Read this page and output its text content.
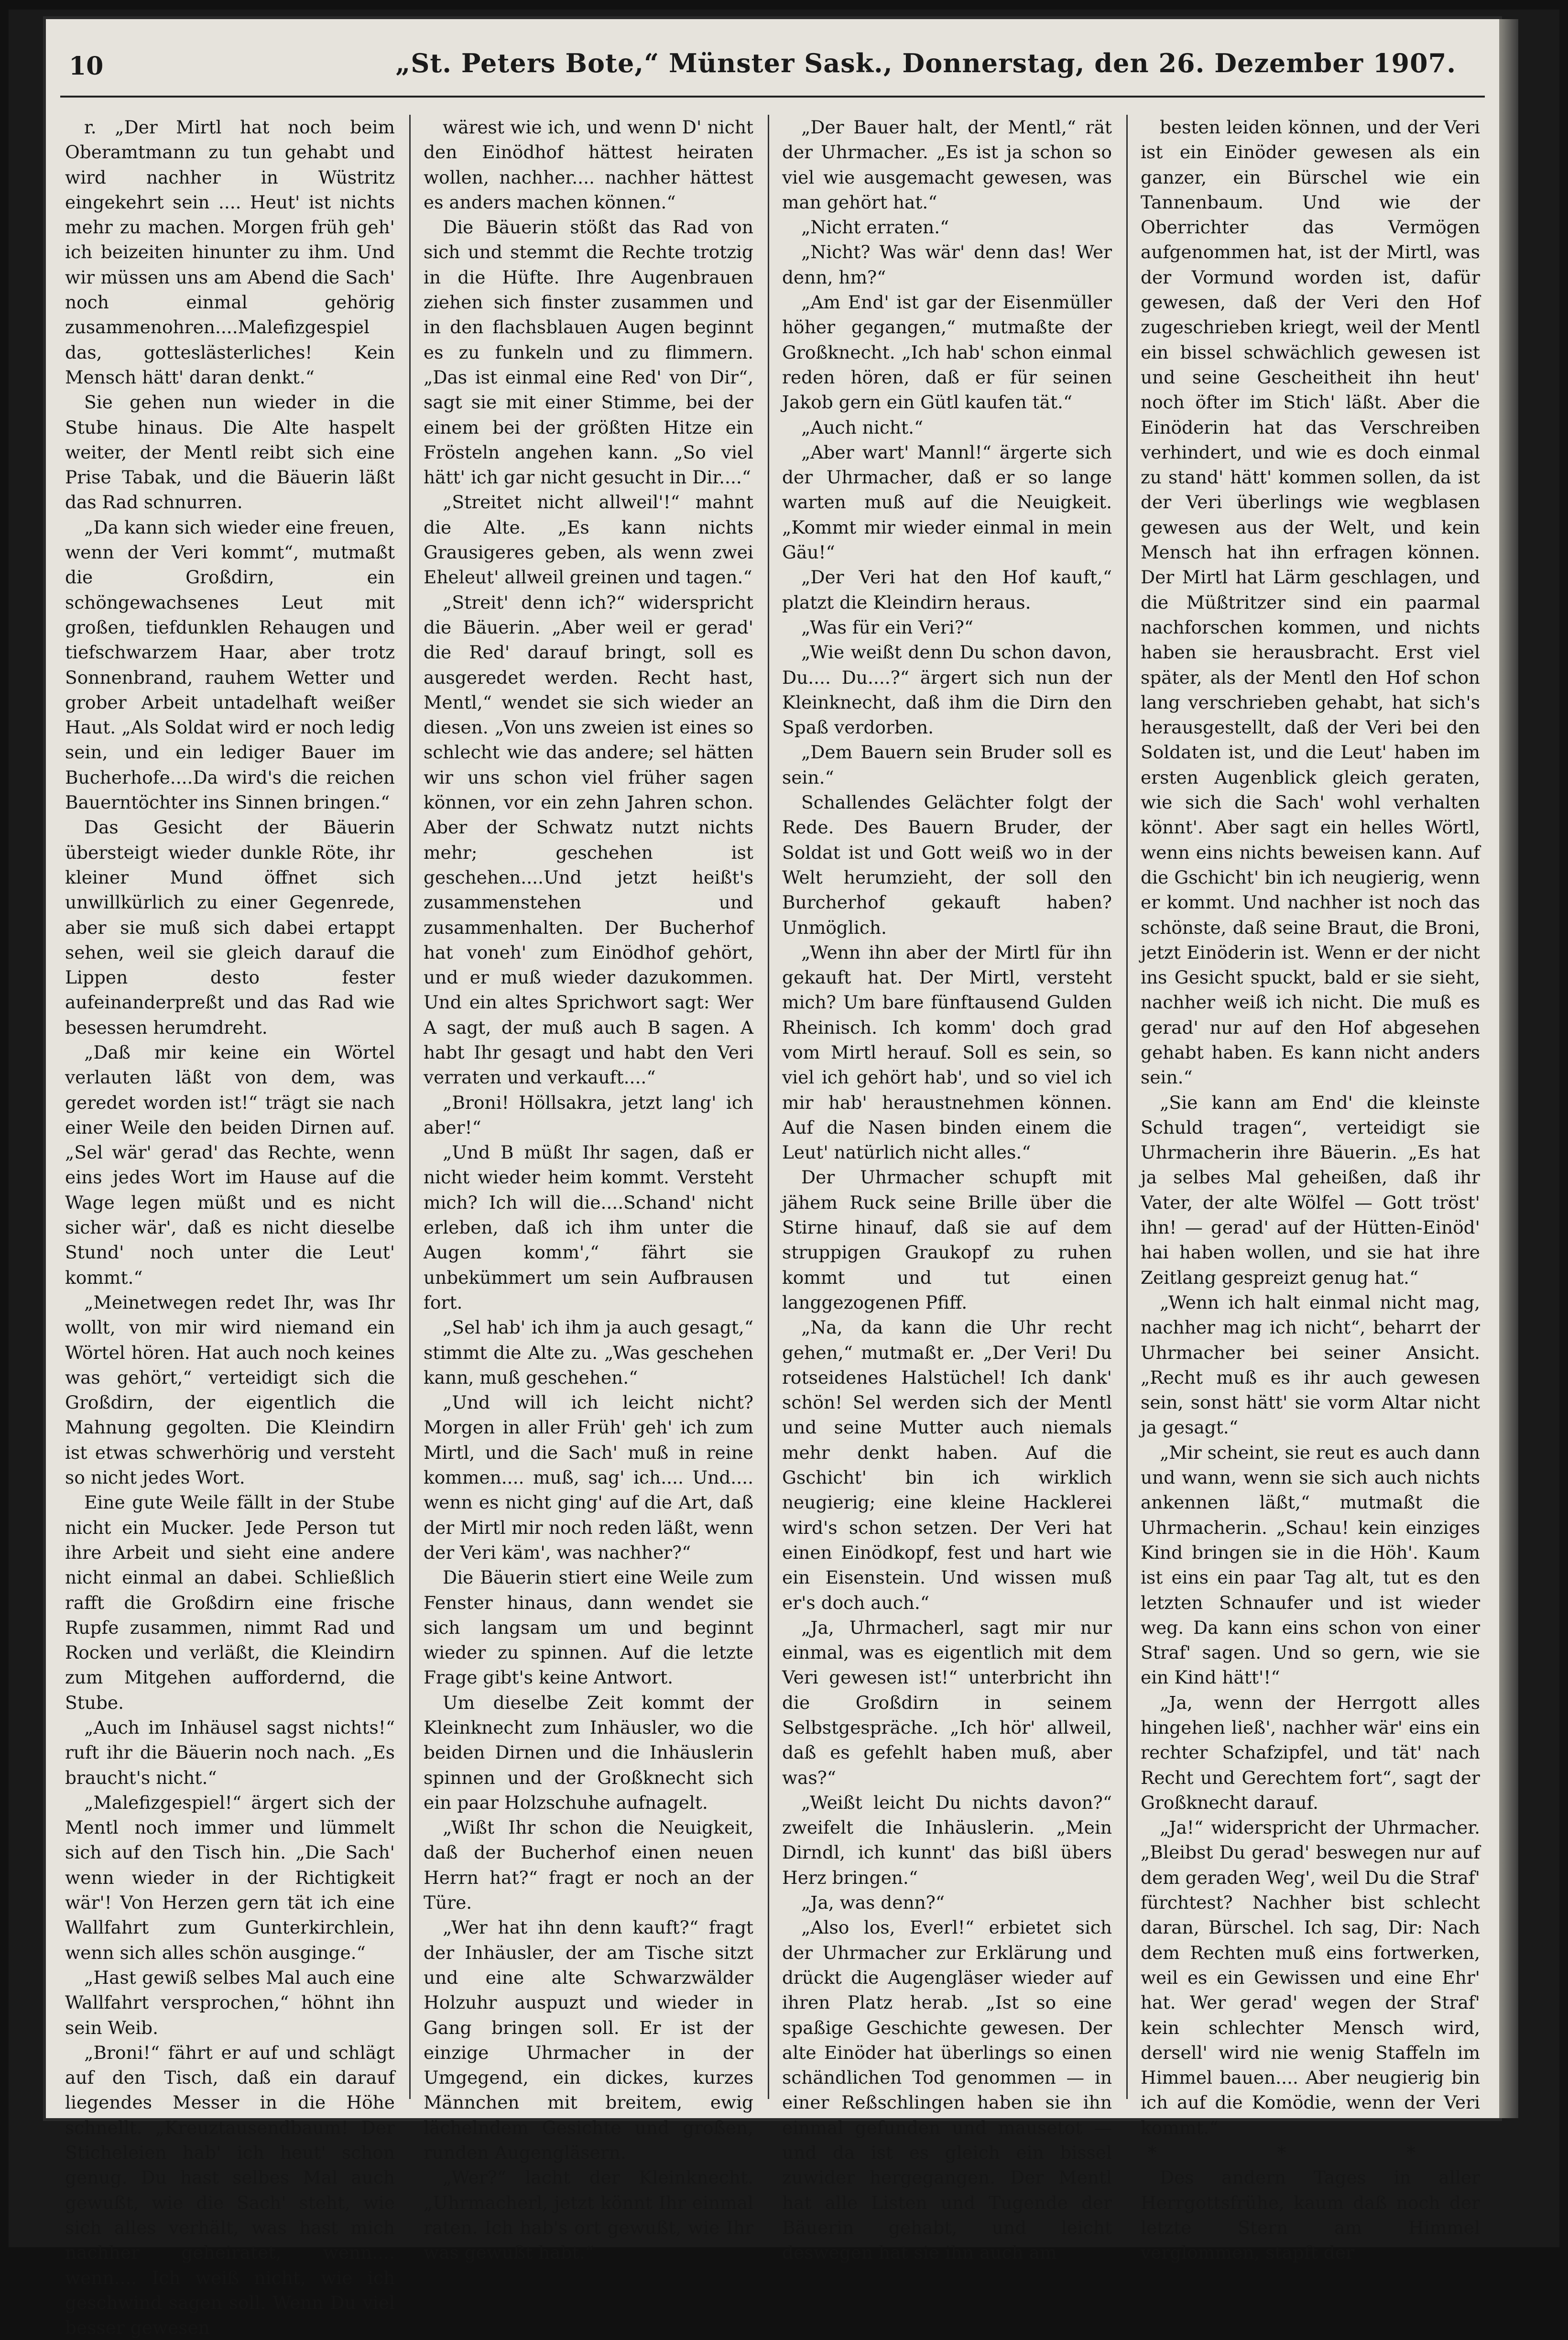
10	„St. Peters Bote,“ Münster Sask., Donnerstag, den 26. Dezember 1907.

r. „Der Mirtl hat noch beim Oberamtmann zu tun gehabt und wird nachher in Wüstritz eingekehrt sein .... Heut' ist nichts mehr zu machen. Morgen früh geh' ich beizeiten hinunter zu ihm. Und wir müssen uns am Abend die Sach' noch einmal gehörig zusammenohren....Malefizgespiel das, gotteslästerliches! Kein Mensch hätt' daran denkt.“

Sie gehen nun wieder in die Stube hinaus. Die Alte haspelt weiter, der Mentl reibt sich eine Prise Tabak, und die Bäuerin läßt das Rad schnurren.

„Da kann sich wieder eine freuen, wenn der Veri kommt“, mutmaßt die Großdirn, ein schöngewachsenes Leut mit großen, tiefdunklen Rehaugen und tiefschwarzem Haar, aber trotz Sonnenbrand, rauhem Wetter und grober Arbeit untadelhaft weißer Haut. „Als Soldat wird er noch ledig sein, und ein lediger Bauer im Bucherhofe....Da wird's die reichen Bauerntöchter ins Sinnen bringen.“

Das Gesicht der Bäuerin übersteigt wieder dunkle Röte, ihr kleiner Mund öffnet sich unwillkürlich zu einer Gegenrede, aber sie muß sich dabei ertappt sehen, weil sie gleich darauf die Lippen desto fester aufeinanderpreßt und das Rad wie besessen herumdreht.

„Daß mir keine ein Wörtel verlauten läßt von dem, was geredet worden ist!“ trägt sie nach einer Weile den beiden Dirnen auf. „Sel wär' gerad' das Rechte, wenn eins jedes Wort im Hause auf die Wage legen müßt und es nicht sicher wär', daß es nicht dieselbe Stund' noch unter die Leut' kommt.“

„Meinetwegen redet Ihr, was Ihr wollt, von mir wird niemand ein Wörtel hören. Hat auch noch keines was gehört,“ verteidigt sich die Großdirn, der eigentlich die Mahnung gegolten. Die Kleindirn ist etwas schwerhörig und versteht so nicht jedes Wort.

Eine gute Weile fällt in der Stube nicht ein Mucker. Jede Person tut ihre Arbeit und sieht eine andere nicht einmal an dabei. Schließlich rafft die Großdirn eine frische Rupfe zusammen, nimmt Rad und Rocken und verläßt, die Kleindirn zum Mitgehen auffordernd, die Stube.

„Auch im Inhäusel sagst nichts!“ ruft ihr die Bäuerin noch nach. „Es braucht's nicht.“

„Malefizgespiel!“ ärgert sich der Mentl noch immer und lümmelt sich auf den Tisch hin. „Die Sach' wenn wieder in der Richtigkeit wär'! Von Herzen gern tät ich eine Wallfahrt zum Gunterkirchlein, wenn sich alles schön ausginge.“

„Hast gewiß selbes Mal auch eine Wallfahrt versprochen,“ höhnt ihn sein Weib.

„Broni!“ fährt er auf und schlägt auf den Tisch, daß ein darauf liegendes Messer in die Höhe schnellt. „Kreuztausendbaum! Der Sticheleien hab' ich heut' schon genug. Du hast selbes Mal auch gewußt, wie die Sach' steht, wie sich alles verhält, was hast mich nachher geheiratet, wenn.... wenn.... Ich weiß nicht, wie ich geschwind sagen soll. Wenn Du viel besser gewesen

wärest wie ich, und wenn D' nicht den Einödhof hättest heiraten wollen, nachher.... nachher hättest es anders machen können.“

Die Bäuerin stößt das Rad von sich und stemmt die Rechte trotzig in die Hüfte. Ihre Augenbrauen ziehen sich finster zusammen und in den flachsblauen Augen beginnt es zu funkeln und zu flimmern. „Das ist einmal eine Red' von Dir“, sagt sie mit einer Stimme, bei der einem bei der größten Hitze ein Frösteln angehen kann. „So viel hätt' ich gar nicht gesucht in Dir....“

„Streitet nicht allweil'!“ mahnt die Alte. „Es kann nichts Grausigeres geben, als wenn zwei Eheleut' allweil greinen und tagen.“

„Streit' denn ich?“ widerspricht die Bäuerin. „Aber weil er gerad' die Red' darauf bringt, soll es ausgeredet werden. Recht hast, Mentl,“ wendet sie sich wieder an diesen. „Von uns zweien ist eines so schlecht wie das andere; sel hätten wir uns schon viel früher sagen können, vor ein zehn Jahren schon. Aber der Schwatz nutzt nichts mehr; geschehen ist geschehen....Und jetzt heißt's zusammenstehen und zusammenhalten. Der Bucherhof hat voneh' zum Einödhof gehört, und er muß wieder dazukommen. Und ein altes Sprichwort sagt: Wer A sagt, der muß auch B sagen. A habt Ihr gesagt und habt den Veri verraten und verkauft....“

„Broni! Höllsakra, jetzt lang' ich aber!“

„Und B müßt Ihr sagen, daß er nicht wieder heim kommt. Versteht mich? Ich will die....Schand' nicht erleben, daß ich ihm unter die Augen komm',“ fährt sie unbekümmert um sein Aufbrausen fort.

„Sel hab' ich ihm ja auch gesagt,“ stimmt die Alte zu. „Was geschehen kann, muß geschehen.“

„Und will ich leicht nicht? Morgen in aller Früh' geh' ich zum Mirtl, und die Sach' muß in reine kommen.... muß, sag' ich.... Und.... wenn es nicht ging' auf die Art, daß der Mirtl mir noch reden läßt, wenn der Veri käm', was nachher?“

Die Bäuerin stiert eine Weile zum Fenster hinaus, dann wendet sie sich langsam um und beginnt wieder zu spinnen. Auf die letzte Frage gibt's keine Antwort.

Um dieselbe Zeit kommt der Kleinknecht zum Inhäusler, wo die beiden Dirnen und die Inhäuslerin spinnen und der Großknecht sich ein paar Holzschuhe aufnagelt.

„Wißt Ihr schon die Neuigkeit, daß der Bucherhof einen neuen Herrn hat?“ fragt er noch an der Türe.

„Wer hat ihn denn kauft?“ fragt der Inhäusler, der am Tische sitzt und eine alte Schwarzwälder Holzuhr auspuzt und wieder in Gang bringen soll. Er ist der einzige Uhrmacher in der Umgegend, ein dickes, kurzes Männchen mit breitem, ewig lächelndem Gesichte und großen, runden Augengläsern.

„Wer?“ lacht der Kleinknecht. „Uhrmacherl, jetzt könnt Ihr einmal raten. Ich hab's ort gewußt, wie Ihr was gewußt habt.“

„Der Bauer halt, der Mentl,“ rät der Uhrmacher. „Es ist ja schon so viel wie ausgemacht gewesen, was man gehört hat.“

„Nicht erraten.“

„Nicht? Was wär' denn das! Wer denn, hm?“

„Am End' ist gar der Eisenmüller höher gegangen,“ mutmaßte der Großknecht. „Ich hab' schon einmal reden hören, daß er für seinen Jakob gern ein Gütl kaufen tät.“

„Auch nicht.“

„Aber wart' Mannl!“ ärgerte sich der Uhrmacher, daß er so lange warten muß auf die Neuigkeit. „Kommt mir wieder einmal in mein Gäu!“

„Der Veri hat den Hof kauft,“ platzt die Kleindirn heraus.

„Was für ein Veri?“

„Wie weißt denn Du schon davon, Du.... Du....?“ ärgert sich nun der Kleinknecht, daß ihm die Dirn den Spaß verdorben.

„Dem Bauern sein Bruder soll es sein.“

Schallendes Gelächter folgt der Rede. Des Bauern Bruder, der Soldat ist und Gott weiß wo in der Welt herumzieht, der soll den Burcherhof gekauft haben? Unmöglich.

„Wenn ihn aber der Mirtl für ihn gekauft hat. Der Mirtl, versteht mich? Um bare fünftausend Gulden Rheinisch. Ich komm' doch grad vom Mirtl herauf. Soll es sein, so viel ich gehört hab', und so viel ich mir hab' heraustnehmen können. Auf die Nasen binden einem die Leut' natürlich nicht alles.“

Der Uhrmacher schupft mit jähem Ruck seine Brille über die Stirne hinauf, daß sie auf dem struppigen Graukopf zu ruhen kommt und tut einen langgezogenen Pfiff.

„Na, da kann die Uhr recht gehen,“ mutmaßt er. „Der Veri! Du rotseidenes Halstüchel! Ich dank' schön! Sel werden sich der Mentl und seine Mutter auch niemals mehr denkt haben. Auf die Gschicht' bin ich wirklich neugierig; eine kleine Hacklerei wird's schon setzen. Der Veri hat einen Einödkopf, fest und hart wie ein Eisenstein. Und wissen muß er's doch auch.“

„Ja, Uhrmacherl, sagt mir nur einmal, was es eigentlich mit dem Veri gewesen ist!“ unterbricht ihn die Großdirn in seinem Selbstgespräche. „Ich hör' allweil, daß es gefehlt haben muß, aber was?“

„Weißt leicht Du nichts davon?“ zweifelt die Inhäuslerin. „Mein Dirndl, ich kunnt' das bißl übers Herz bringen.“

„Ja, was denn?“

„Also los, Everl!“ erbietet sich der Uhrmacher zur Erklärung und drückt die Augengläser wieder auf ihren Platz herab. „Ist so eine spaßige Geschichte gewesen. Der alte Einöder hat überlings so einen schändlichen Tod genommen — in einer Reßschlingen haben sie ihn einmal gefunden und mausetot — und da ist es gleich ein bissel zuwider hergegangen. Der Mentl hat alle Listen und Tugende der Bäuerin gehabt, und leicht deswegen hat sie ihn auch am

besten leiden können, und der Veri ist ein Einöder gewesen als ein ganzer, ein Bürschel wie ein Tannenbaum. Und wie der Oberrichter das Vermögen aufgenommen hat, ist der Mirtl, was der Vormund worden ist, dafür gewesen, daß der Veri den Hof zugeschrieben kriegt, weil der Mentl ein bissel schwächlich gewesen ist und seine Gescheitheit ihn heut' noch öfter im Stich' läßt. Aber die Einöderin hat das Verschreiben verhindert, und wie es doch einmal zu stand' hätt' kommen sollen, da ist der Veri überlings wie wegblasen gewesen aus der Welt, und kein Mensch hat ihn erfragen können. Der Mirtl hat Lärm geschlagen, und die Müßtritzer sind ein paarmal nachforschen kommen, und nichts haben sie herausbracht. Erst viel später, als der Mentl den Hof schon lang verschrieben gehabt, hat sich's herausgestellt, daß der Veri bei den Soldaten ist, und die Leut' haben im ersten Augenblick gleich geraten, wie sich die Sach' wohl verhalten könnt'. Aber sagt ein helles Wörtl, wenn eins nichts beweisen kann. Auf die Gschicht' bin ich neugierig, wenn er kommt. Und nachher ist noch das schönste, daß seine Braut, die Broni, jetzt Einöderin ist. Wenn er der nicht ins Gesicht spuckt, bald er sie sieht, nachher weiß ich nicht. Die muß es gerad' nur auf den Hof abgesehen gehabt haben. Es kann nicht anders sein.“

„Sie kann am End' die kleinste Schuld tragen“, verteidigt sie Uhrmacherin ihre Bäuerin. „Es hat ja selbes Mal geheißen, daß ihr Vater, der alte Wölfel — Gott tröst' ihn! — gerad' auf der Hütten-Einöd' hai haben wollen, und sie hat ihre Zeitlang gespreizt genug hat.“

„Wenn ich halt einmal nicht mag, nachher mag ich nicht“, beharrt der Uhrmacher bei seiner Ansicht. „Recht muß es ihr auch gewesen sein, sonst hätt' sie vorm Altar nicht ja gesagt.“

„Mir scheint, sie reut es auch dann und wann, wenn sie sich auch nichts ankennen läßt,“ mutmaßt die Uhrmacherin. „Schau! kein einziges Kind bringen sie in die Höh'. Kaum ist eins ein paar Tag alt, tut es den letzten Schnaufer und ist wieder weg. Da kann eins schon von einer Straf' sagen. Und so gern, wie sie ein Kind hätt'!“

„Ja, wenn der Herrgott alles hingehen ließ', nachher wär' eins ein rechter Schafzipfel, und tät' nach Recht und Gerechtem fort“, sagt der Großknecht darauf.

„Ja!“ widerspricht der Uhrmacher. „Bleibst Du gerad' beswegen nur auf dem geraden Weg', weil Du die Straf' fürchtest? Nachher bist schlecht daran, Bürschel. Ich sag, Dir: Nach dem Rechten muß eins fortwerken, weil es ein Gewissen und eine Ehr' hat. Wer gerad' wegen der Straf' kein schlechter Mensch wird, dersell' wird nie wenig Staffeln im Himmel bauen.... Aber neugierig bin ich auf die Komödie, wenn der Veri kommt.“

* * *

Des andern Tages in aller Herrgottsfrühe, kaum daß noch der letzte Stern am Himmel verglommen, stapft der
